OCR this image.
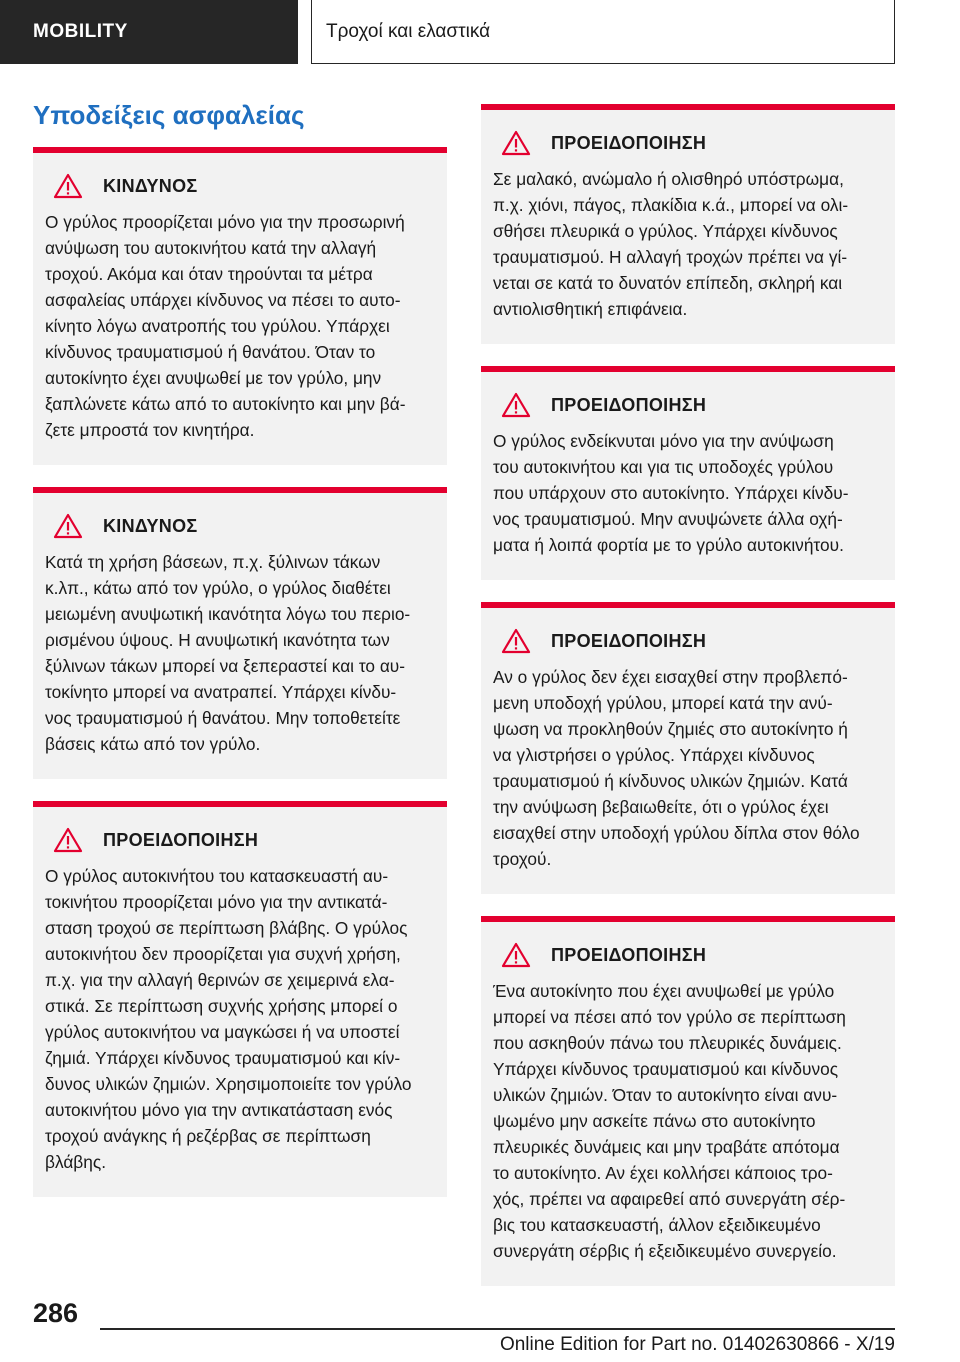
MOBILITY	Τροχοί και ελαστικά
Υποδείξεις ασφαλείας
ΚΙΝΔΥΝΟΣ
Ο γρύλος προορίζεται μόνο για την προσωρινή
ανύψωση του αυτοκινήτου κατά την αλλαγή
τροχού. Ακόμα και όταν τηρούνται τα μέτρα
ασφαλείας υπάρχει κίνδυνος να πέσει το αυτο-
κίνητο λόγω ανατροπής του γρύλου. Υπάρχει
κίνδυνος τραυματισμού ή θανάτου. Όταν το
αυτοκίνητο έχει ανυψωθεί με τον γρύλο, μην
ξαπλώνετε κάτω από το αυτοκίνητο και μην βά-
ζετε μπροστά τον κινητήρα.
ΚΙΝΔΥΝΟΣ
Κατά τη χρήση βάσεων, π.χ. ξύλινων τάκων
κ.λπ., κάτω από τον γρύλο, ο γρύλος διαθέτει
μειωμένη ανυψωτική ικανότητα λόγω του περιο-
ρισμένου ύψους. Η ανυψωτική ικανότητα των
ξύλινων τάκων μπορεί να ξεπεραστεί και το αυ-
τοκίνητο μπορεί να ανατραπεί. Υπάρχει κίνδυ-
νος τραυματισμού ή θανάτου. Μην τοποθετείτε
βάσεις κάτω από τον γρύλο.
ΠΡΟΕΙΔΟΠΟΙΗΣΗ
Ο γρύλος αυτοκινήτου του κατασκευαστή αυ-
τοκινήτου προορίζεται μόνο για την αντικατά-
σταση τροχού σε περίπτωση βλάβης. Ο γρύλος
αυτοκινήτου δεν προορίζεται για συχνή χρήση,
π.χ. για την αλλαγή θερινών σε χειμερινά ελα-
στικά. Σε περίπτωση συχνής χρήσης μπορεί ο
γρύλος αυτοκινήτου να μαγκώσει ή να υποστεί
ζημιά. Υπάρχει κίνδυνος τραυματισμού και κίν-
δυνος υλικών ζημιών. Χρησιμοποιείτε τον γρύλο
αυτοκινήτου μόνο για την αντικατάσταση ενός
τροχού ανάγκης ή ρεζέρβας σε περίπτωση
βλάβης.
ΠΡΟΕΙΔΟΠΟΙΗΣΗ
Σε μαλακό, ανώμαλο ή ολισθηρό υπόστρωμα,
π.χ. χιόνι, πάγος, πλακίδια κ.ά., μπορεί να ολι-
σθήσει πλευρικά ο γρύλος. Υπάρχει κίνδυνος
τραυματισμού. Η αλλαγή τροχών πρέπει να γί-
νεται σε κατά το δυνατόν επίπεδη, σκληρή και
αντιολισθητική επιφάνεια.
ΠΡΟΕΙΔΟΠΟΙΗΣΗ
Ο γρύλος ενδείκνυται μόνο για την ανύψωση
του αυτοκινήτου και για τις υποδοχές γρύλου
που υπάρχουν στο αυτοκίνητο. Υπάρχει κίνδυ-
νος τραυματισμού. Μην ανυψώνετε άλλα οχή-
ματα ή λοιπά φορτία με το γρύλο αυτοκινήτου.
ΠΡΟΕΙΔΟΠΟΙΗΣΗ
Αν ο γρύλος δεν έχει εισαχθεί στην προβλεπό-
μενη υποδοχή γρύλου, μπορεί κατά την ανύ-
ψωση να προκληθούν ζημιές στο αυτοκίνητο ή
να γλιστρήσει ο γρύλος. Υπάρχει κίνδυνος
τραυματισμού ή κίνδυνος υλικών ζημιών. Κατά
την ανύψωση βεβαιωθείτε, ότι ο γρύλος έχει
εισαχθεί στην υποδοχή γρύλου δίπλα στον θόλο
τροχού.
ΠΡΟΕΙΔΟΠΟΙΗΣΗ
Ένα αυτοκίνητο που έχει ανυψωθεί με γρύλο
μπορεί να πέσει από τον γρύλο σε περίπτωση
που ασκηθούν πάνω του πλευρικές δυνάμεις.
Υπάρχει κίνδυνος τραυματισμού και κίνδυνος
υλικών ζημιών. Όταν το αυτοκίνητο είναι ανυ-
ψωμένο μην ασκείτε πάνω στο αυτοκίνητο
πλευρικές δυνάμεις και μην τραβάτε απότομα
το αυτοκίνητο. Αν έχει κολλήσει κάποιος τρο-
χός, πρέπει να αφαιρεθεί από συνεργάτη σέρ-
βις του κατασκευαστή, άλλον εξειδικευμένο
συνεργάτη σέρβις ή εξειδικευμένο συνεργείο.
286
Online Edition for Part no. 01402630866 - X/19
